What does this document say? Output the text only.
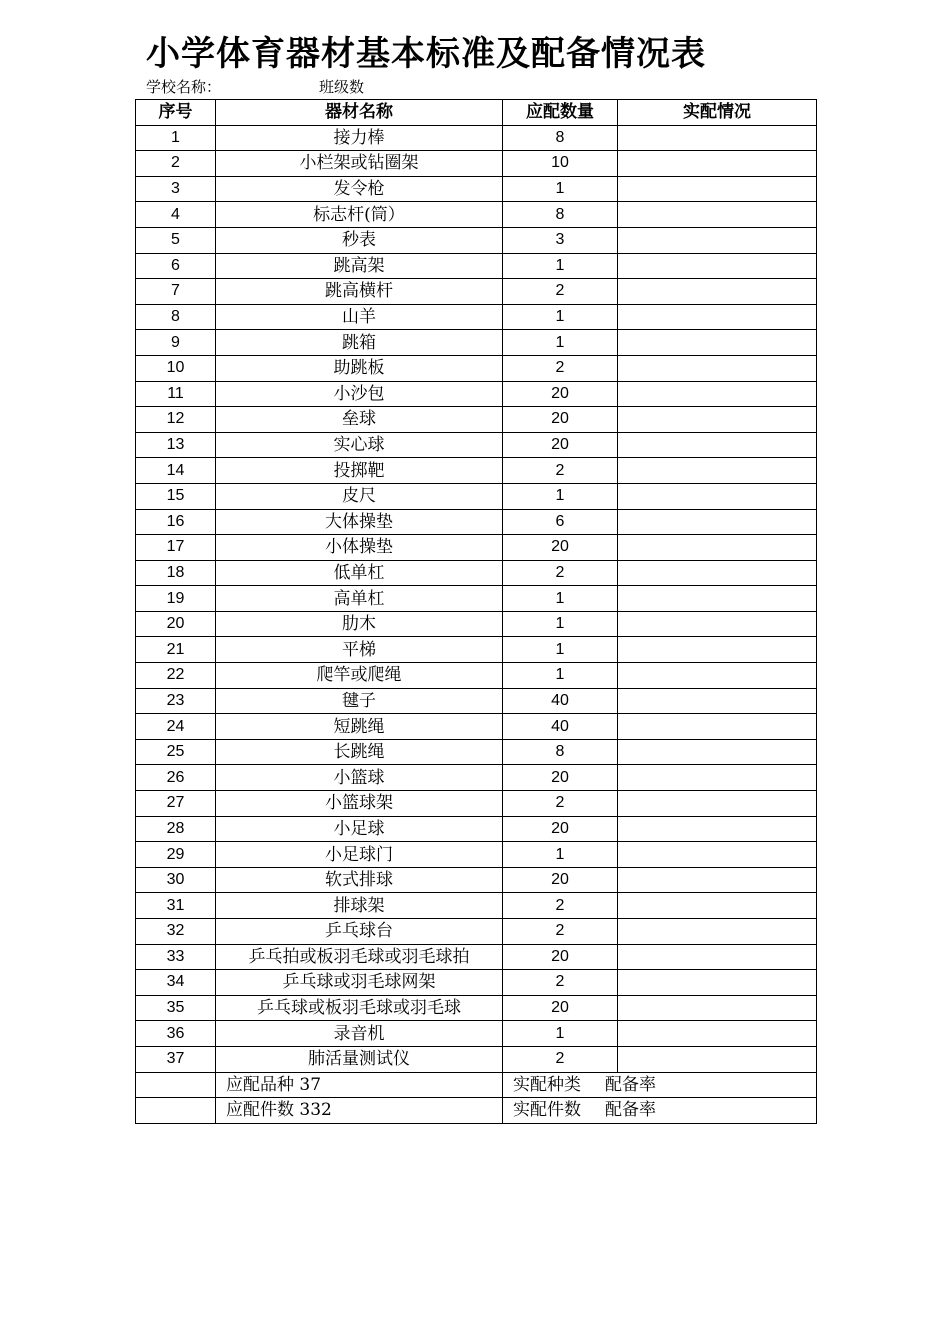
小学体育器材基本标准及配备情况表
学校名称：	班级数
序号	器材名称	应配数量	实配情况
1	接力棒	8	
2	小栏架或钻圈架	10	
3	发令枪	1	
4	标志杆(筒）	8	
5	秒表	3	
6	跳高架	1	
7	跳高横杆	2	
8	山羊	1	
9	跳箱	1	
10	助跳板	2	
11	小沙包	20	
12	垒球	20	
13	实心球	20	
14	投掷靶	2	
15	皮尺	1	
16	大体操垫	6	
17	小体操垫	20	
18	低单杠	2	
19	高单杠	1	
20	肋木	1	
21	平梯	1	
22	爬竿或爬绳	1	
23	毽子	40	
24	短跳绳	40	
25	长跳绳	8	
26	小篮球	20	
27	小篮球架	2	
28	小足球	20	
29	小足球门	1	
30	软式排球	20	
31	排球架	2	
32	乒乓球台	2	
33	乒乓拍或板羽毛球或羽毛球拍	20	
34	乒乓球或羽毛球网架	2	
35	乒乓球或板羽毛球或羽毛球	20	
36	录音机	1	
37	肺活量测试仪	2	
	应配品种 37	实配种类 配备率	
	应配件数 332	实配件数 配备率	
